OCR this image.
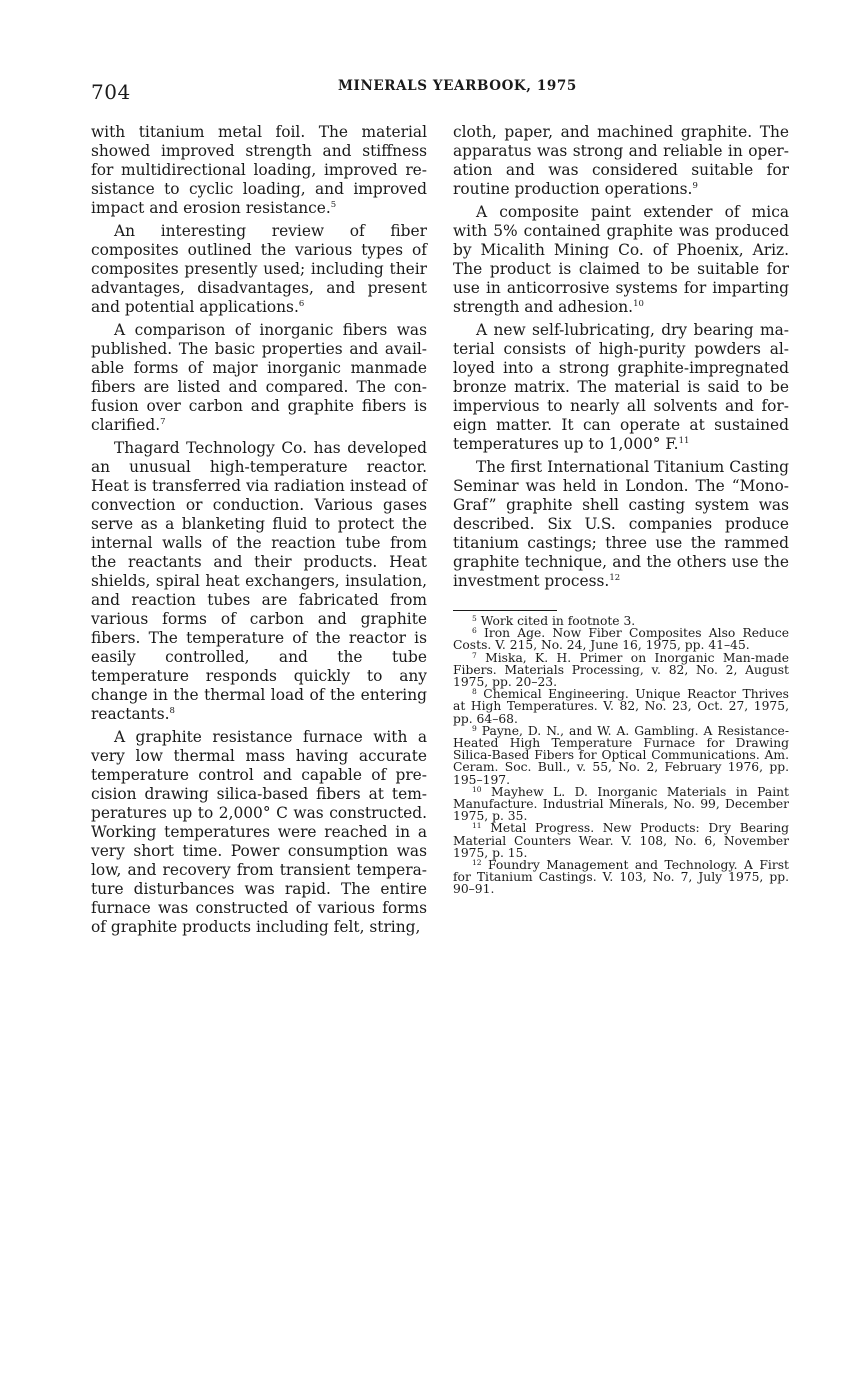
704	MINERALS YEARBOOK, 1975

with titanium metal foil. The material showed improved strength and stiffness for multidirectional loading, improved resistance to cyclic loading, and improved impact and erosion resistance.$^5$

An interesting review of fiber composites outlined the various types of composites presently used; including their advantages, disadvantages, and present and potential applications.$^6$

A comparison of inorganic fibers was published. The basic properties and available forms of major inorganic manmade fibers are listed and compared. The confusion over carbon and graphite fibers is clarified.$^7$

Thagard Technology Co. has developed an unusual high-temperature reactor. Heat is transferred via radiation instead of convection or conduction. Various gases serve as a blanketing fluid to protect the internal walls of the reaction tube from the reactants and their products. Heat shields, spiral heat exchangers, insulation, and reaction tubes are fabricated from various forms of carbon and graphite fibers. The temperature of the reactor is easily controlled, and the tube temperature responds quickly to any change in the thermal load of the entering reactants.$^8$

A graphite resistance furnace with a very low thermal mass having accurate temperature control and capable of precision drawing silica-based fibers at temperatures up to 2,000° C was constructed. Working temperatures were reached in a very short time. Power consumption was low, and recovery from transient temperature disturbances was rapid. The entire furnace was constructed of various forms of graphite products including felt, string,

cloth, paper, and machined graphite. The apparatus was strong and reliable in operation and was considered suitable for routine production operations.$^9$

A composite paint extender of mica with 5% contained graphite was produced by Micalith Mining Co. of Phoenix, Ariz. The product is claimed to be suitable for use in anticorrosive systems for imparting strength and adhesion.$^{10}$

A new self-lubricating, dry bearing material consists of high-purity powders alloyed into a strong graphite-impregnated bronze matrix. The material is said to be impervious to nearly all solvents and foreign matter. It can operate at sustained temperatures up to 1,000° F.$^{11}$

The first International Titanium Casting Seminar was held in London. The “Mono-Graf” graphite shell casting system was described. Six U.S. companies produce titanium castings; three use the rammed graphite technique, and the others use the investment process.$^{12}$

$^5$ Work cited in footnote 3.

$^6$ Iron Age. Now Fiber Composites Also Reduce Costs. V. 215, No. 24, June 16, 1975, pp. 41–45.

$^7$ Miska, K. H. Primer on Inorganic Man-made Fibers. Materials Processing, v. 82, No. 2, August 1975, pp. 20–23.

$^8$ Chemical Engineering. Unique Reactor Thrives at High Temperatures. V. 82, No. 23, Oct. 27, 1975, pp. 64–68.

$^9$ Payne, D. N., and W. A. Gambling. A Resistance-Heated High Temperature Furnace for Drawing Silica-Based Fibers for Optical Communications. Am. Ceram. Soc. Bull., v. 55, No. 2, February 1976, pp. 195–197.

$^{10}$ Mayhew L. D. Inorganic Materials in Paint Manufacture. Industrial Minerals, No. 99, December 1975, p. 35.

$^{11}$ Metal Progress. New Products: Dry Bearing Material Counters Wear. V. 108, No. 6, November 1975, p. 15.

$^{12}$ Foundry Management and Technology. A First for Titanium Castings. V. 103, No. 7, July 1975, pp. 90–91.
